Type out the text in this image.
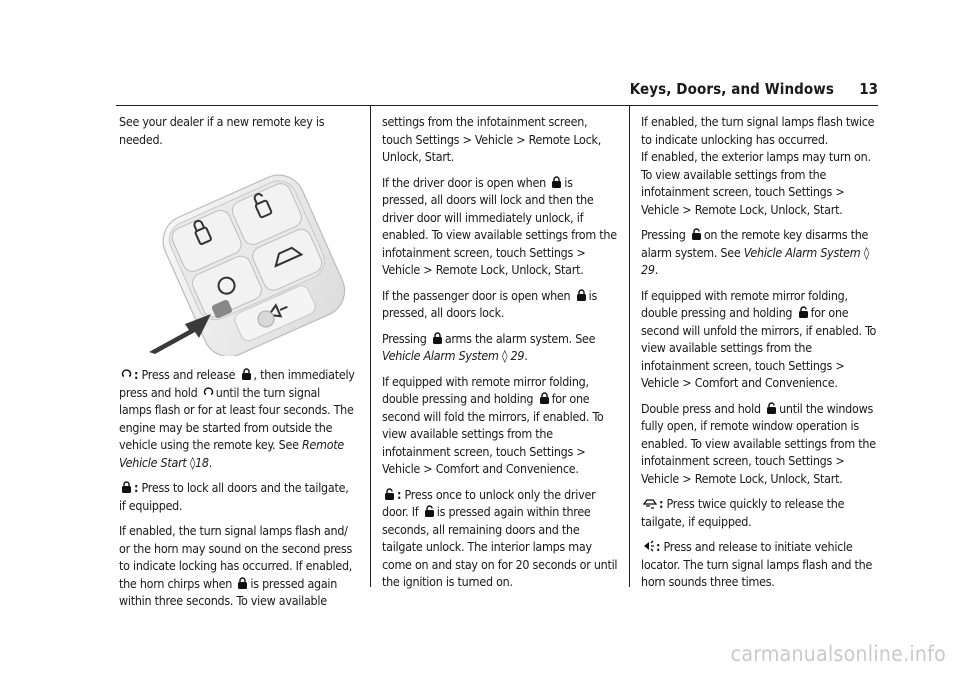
Keys, Doors, and Windows 13

See your dealer if a new remote key is needed.

: Press and release , then immediately press and hold until the turn signal lamps flash or for at least four seconds. The engine may be started from outside the vehicle using the remote key. See Remote Vehicle Start ◊18.

: Press to lock all doors and the tailgate, if equipped.

If enabled, the turn signal lamps flash and/ or the horn may sound on the second press to indicate locking has occurred. If enabled, the horn chirps when is pressed again within three seconds. To view available

settings from the infotainment screen, touch Settings > Vehicle > Remote Lock, Unlock, Start.

If the driver door is open when is pressed, all doors will lock and then the driver door will immediately unlock, if enabled. To view available settings from the infotainment screen, touch Settings > Vehicle > Remote Lock, Unlock, Start.

If the passenger door is open when is pressed, all doors lock.

Pressing arms the alarm system. See Vehicle Alarm System ◊ 29.

If equipped with remote mirror folding, double pressing and holding for one second will fold the mirrors, if enabled. To view available settings from the infotainment screen, touch Settings > Vehicle > Comfort and Convenience.

: Press once to unlock only the driver door. If is pressed again within three seconds, all remaining doors and the tailgate unlock. The interior lamps may come on and stay on for 20 seconds or until the ignition is turned on.

If enabled, the turn signal lamps flash twice to indicate unlocking has occurred.

If enabled, the exterior lamps may turn on. To view available settings from the infotainment screen, touch Settings > Vehicle > Remote Lock, Unlock, Start.

Pressing on the remote key disarms the alarm system. See Vehicle Alarm System ◊ 29.

If equipped with remote mirror folding, double pressing and holding for one second will unfold the mirrors, if enabled. To view available settings from the infotainment screen, touch Settings > Vehicle > Comfort and Convenience.

Double press and hold until the windows fully open, if remote window operation is enabled. To view available settings from the infotainment screen, touch Settings > Vehicle > Remote Lock, Unlock, Start.

: Press twice quickly to release the tailgate, if equipped.

: Press and release to initiate vehicle locator. The turn signal lamps flash and the horn sounds three times.

carmanualsonline.info
